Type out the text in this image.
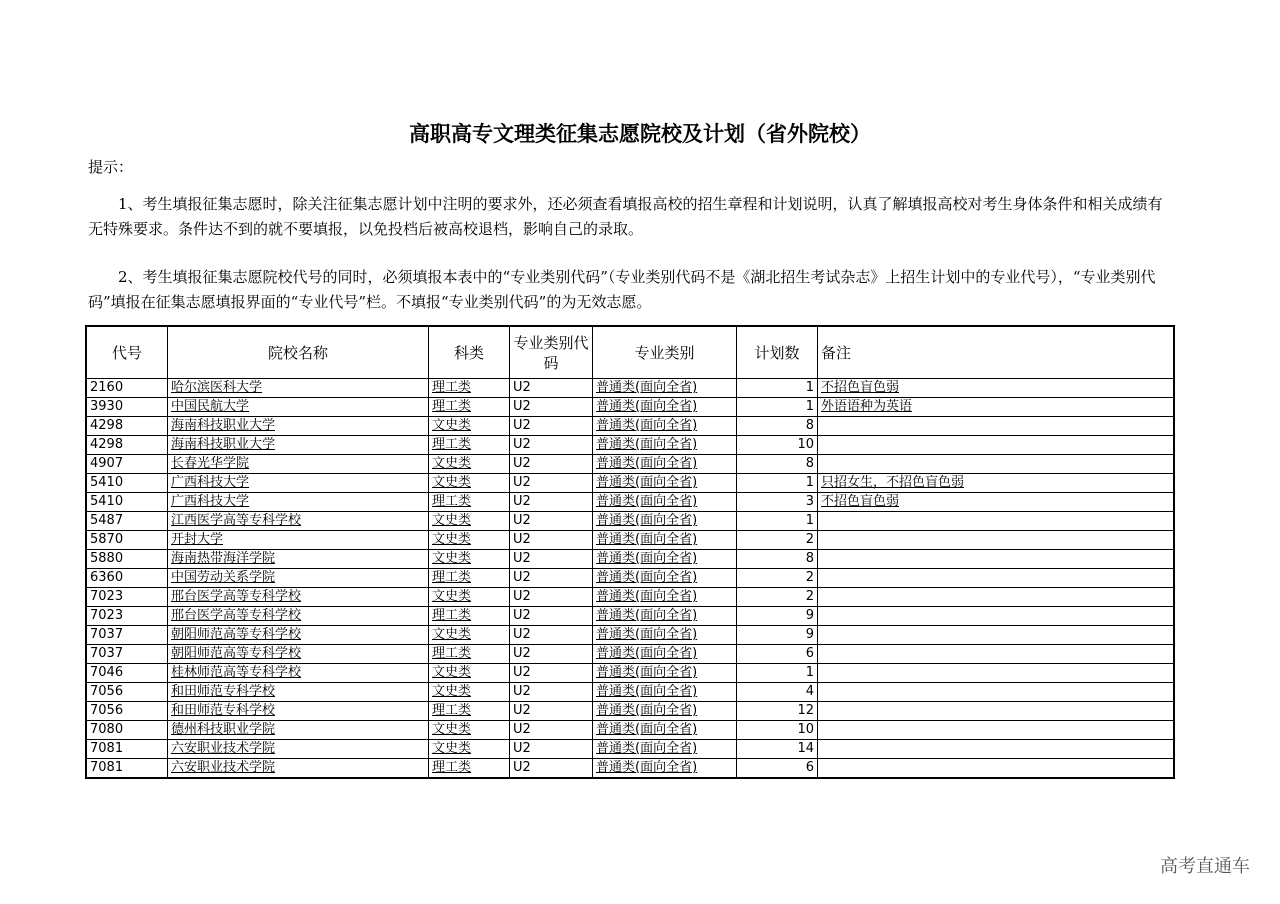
高职高专文理类征集志愿院校及计划（省外院校）
提示：
1、考生填报征集志愿时，除关注征集志愿计划中注明的要求外，还必须查看填报高校的招生章程和计划说明，认真了解填报高校对考生身体条件和相关成绩有无特殊要求。条件达不到的就不要填报，以免投档后被高校退档，影响自己的录取。
2、考生填报征集志愿院校代号的同时，必须填报本表中的“专业类别代码”（专业类别代码不是《湖北招生考试杂志》上招生计划中的专业代号），“专业类别代码”填报在征集志愿填报界面的“专业代号”栏。不填报“专业类别代码”的为无效志愿。
代号	院校名称	科类	专业类别代码	专业类别	计划数	备注
2160	哈尔滨医科大学	理工类	U2	普通类(面向全省)	1	不招色盲色弱
3930	中国民航大学	理工类	U2	普通类(面向全省)	1	外语语种为英语
4298	海南科技职业大学	文史类	U2	普通类(面向全省)	8	
4298	海南科技职业大学	理工类	U2	普通类(面向全省)	10	
4907	长春光华学院	文史类	U2	普通类(面向全省)	8	
5410	广西科技大学	文史类	U2	普通类(面向全省)	1	只招女生，不招色盲色弱
5410	广西科技大学	理工类	U2	普通类(面向全省)	3	不招色盲色弱
5487	江西医学高等专科学校	文史类	U2	普通类(面向全省)	1	
5870	开封大学	文史类	U2	普通类(面向全省)	2	
5880	海南热带海洋学院	文史类	U2	普通类(面向全省)	8	
6360	中国劳动关系学院	理工类	U2	普通类(面向全省)	2	
7023	邢台医学高等专科学校	文史类	U2	普通类(面向全省)	2	
7023	邢台医学高等专科学校	理工类	U2	普通类(面向全省)	9	
7037	朝阳师范高等专科学校	文史类	U2	普通类(面向全省)	9	
7037	朝阳师范高等专科学校	理工类	U2	普通类(面向全省)	6	
7046	桂林师范高等专科学校	文史类	U2	普通类(面向全省)	1	
7056	和田师范专科学校	文史类	U2	普通类(面向全省)	4	
7056	和田师范专科学校	理工类	U2	普通类(面向全省)	12	
7080	德州科技职业学院	文史类	U2	普通类(面向全省)	10	
7081	六安职业技术学院	文史类	U2	普通类(面向全省)	14	
7081	六安职业技术学院	理工类	U2	普通类(面向全省)	6	
高考直通车
